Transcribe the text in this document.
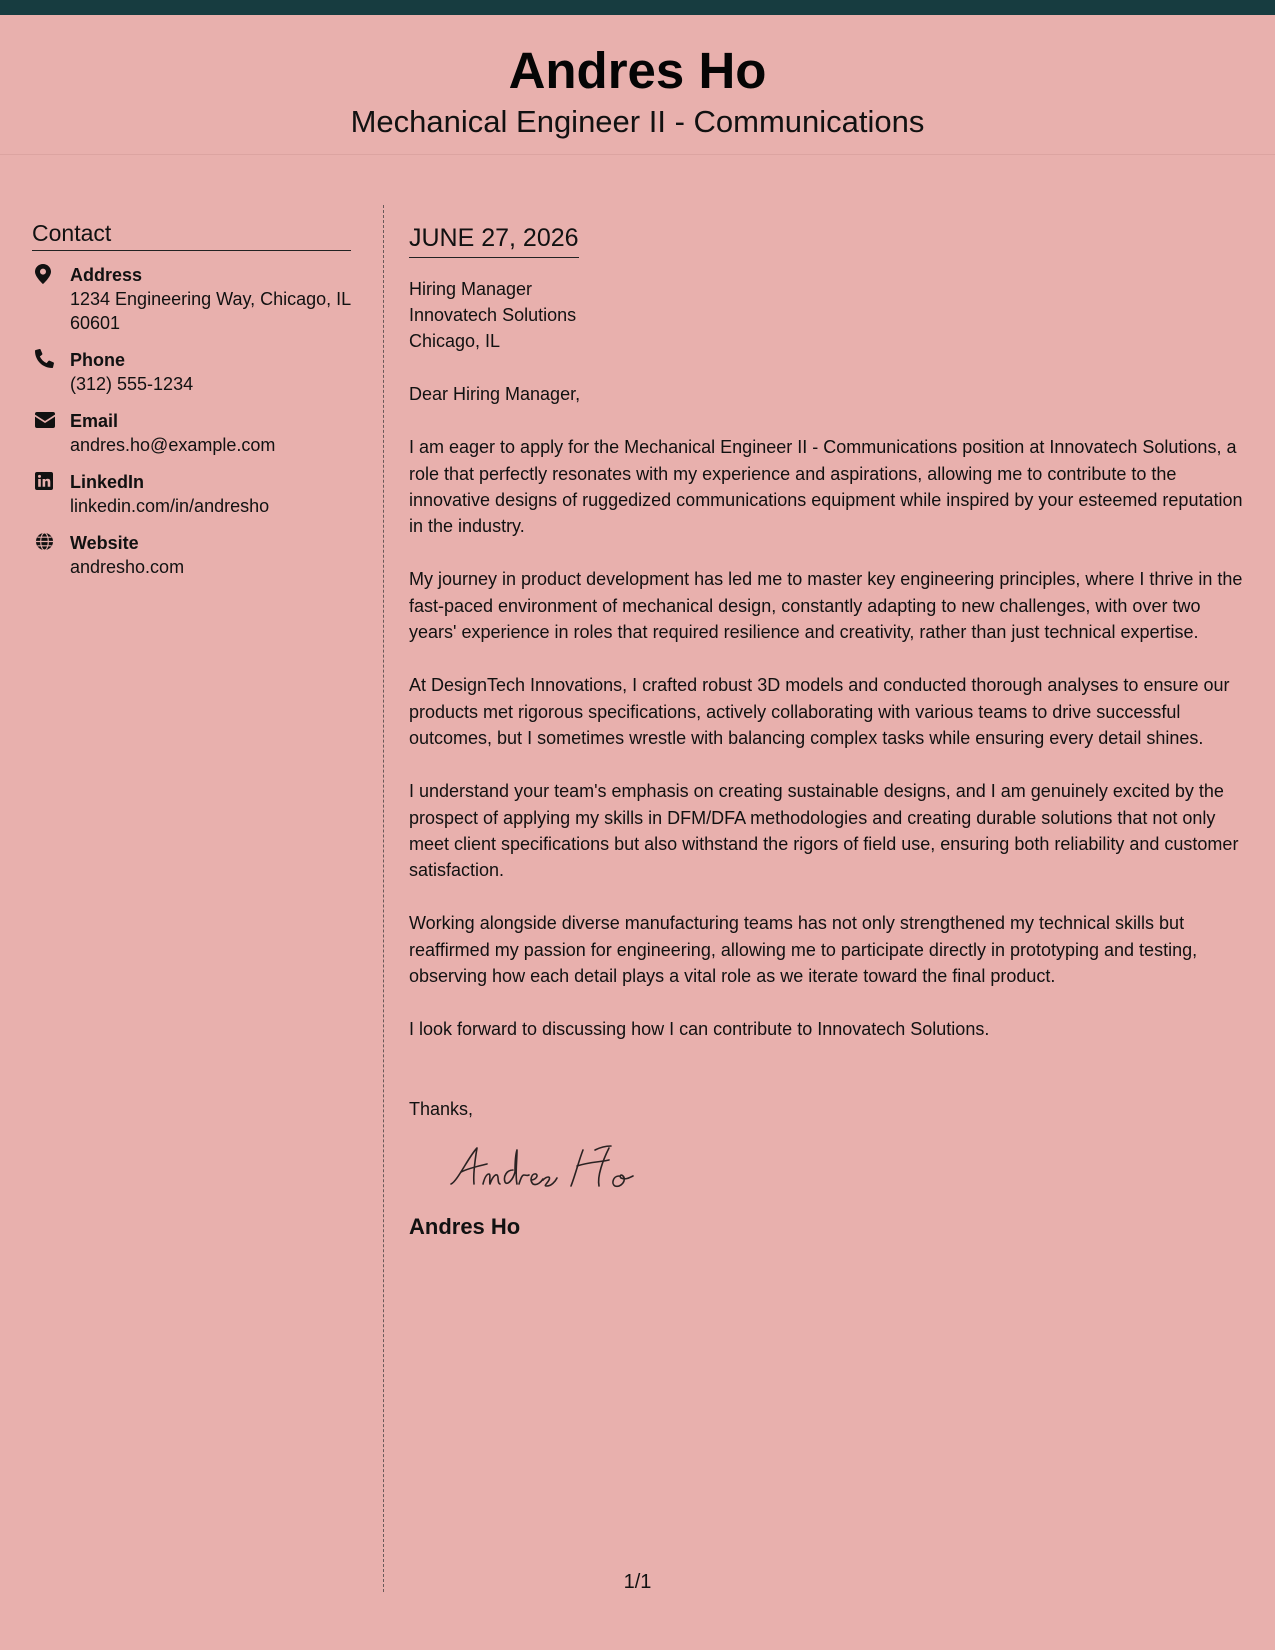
Andres Ho
Mechanical Engineer II - Communications
Contact
Address
1234 Engineering Way, Chicago, IL 60601
Phone
(312) 555-1234
Email
andres.ho@example.com
LinkedIn
linkedin.com/in/andresho
Website
andresho.com
JUNE 27, 2026
Hiring Manager
Innovatech Solutions
Chicago, IL
Dear Hiring Manager,

I am eager to apply for the Mechanical Engineer II - Communications position at Innovatech Solutions, a role that perfectly resonates with my experience and aspirations, allowing me to contribute to the innovative designs of ruggedized communications equipment while inspired by your esteemed reputation in the industry.

My journey in product development has led me to master key engineering principles, where I thrive in the fast-paced environment of mechanical design, constantly adapting to new challenges, with over two years' experience in roles that required resilience and creativity, rather than just technical expertise.

At DesignTech Innovations, I crafted robust 3D models and conducted thorough analyses to ensure our products met rigorous specifications, actively collaborating with various teams to drive successful outcomes, but I sometimes wrestle with balancing complex tasks while ensuring every detail shines.

I understand your team's emphasis on creating sustainable designs, and I am genuinely excited by the prospect of applying my skills in DFM/DFA methodologies and creating durable solutions that not only meet client specifications but also withstand the rigors of field use, ensuring both reliability and customer satisfaction.

Working alongside diverse manufacturing teams has not only strengthened my technical skills but reaffirmed my passion for engineering, allowing me to participate directly in prototyping and testing, observing how each detail plays a vital role as we iterate toward the final product.

I look forward to discussing how I can contribute to Innovatech Solutions.

Thanks,
Andres Ho
1/1
